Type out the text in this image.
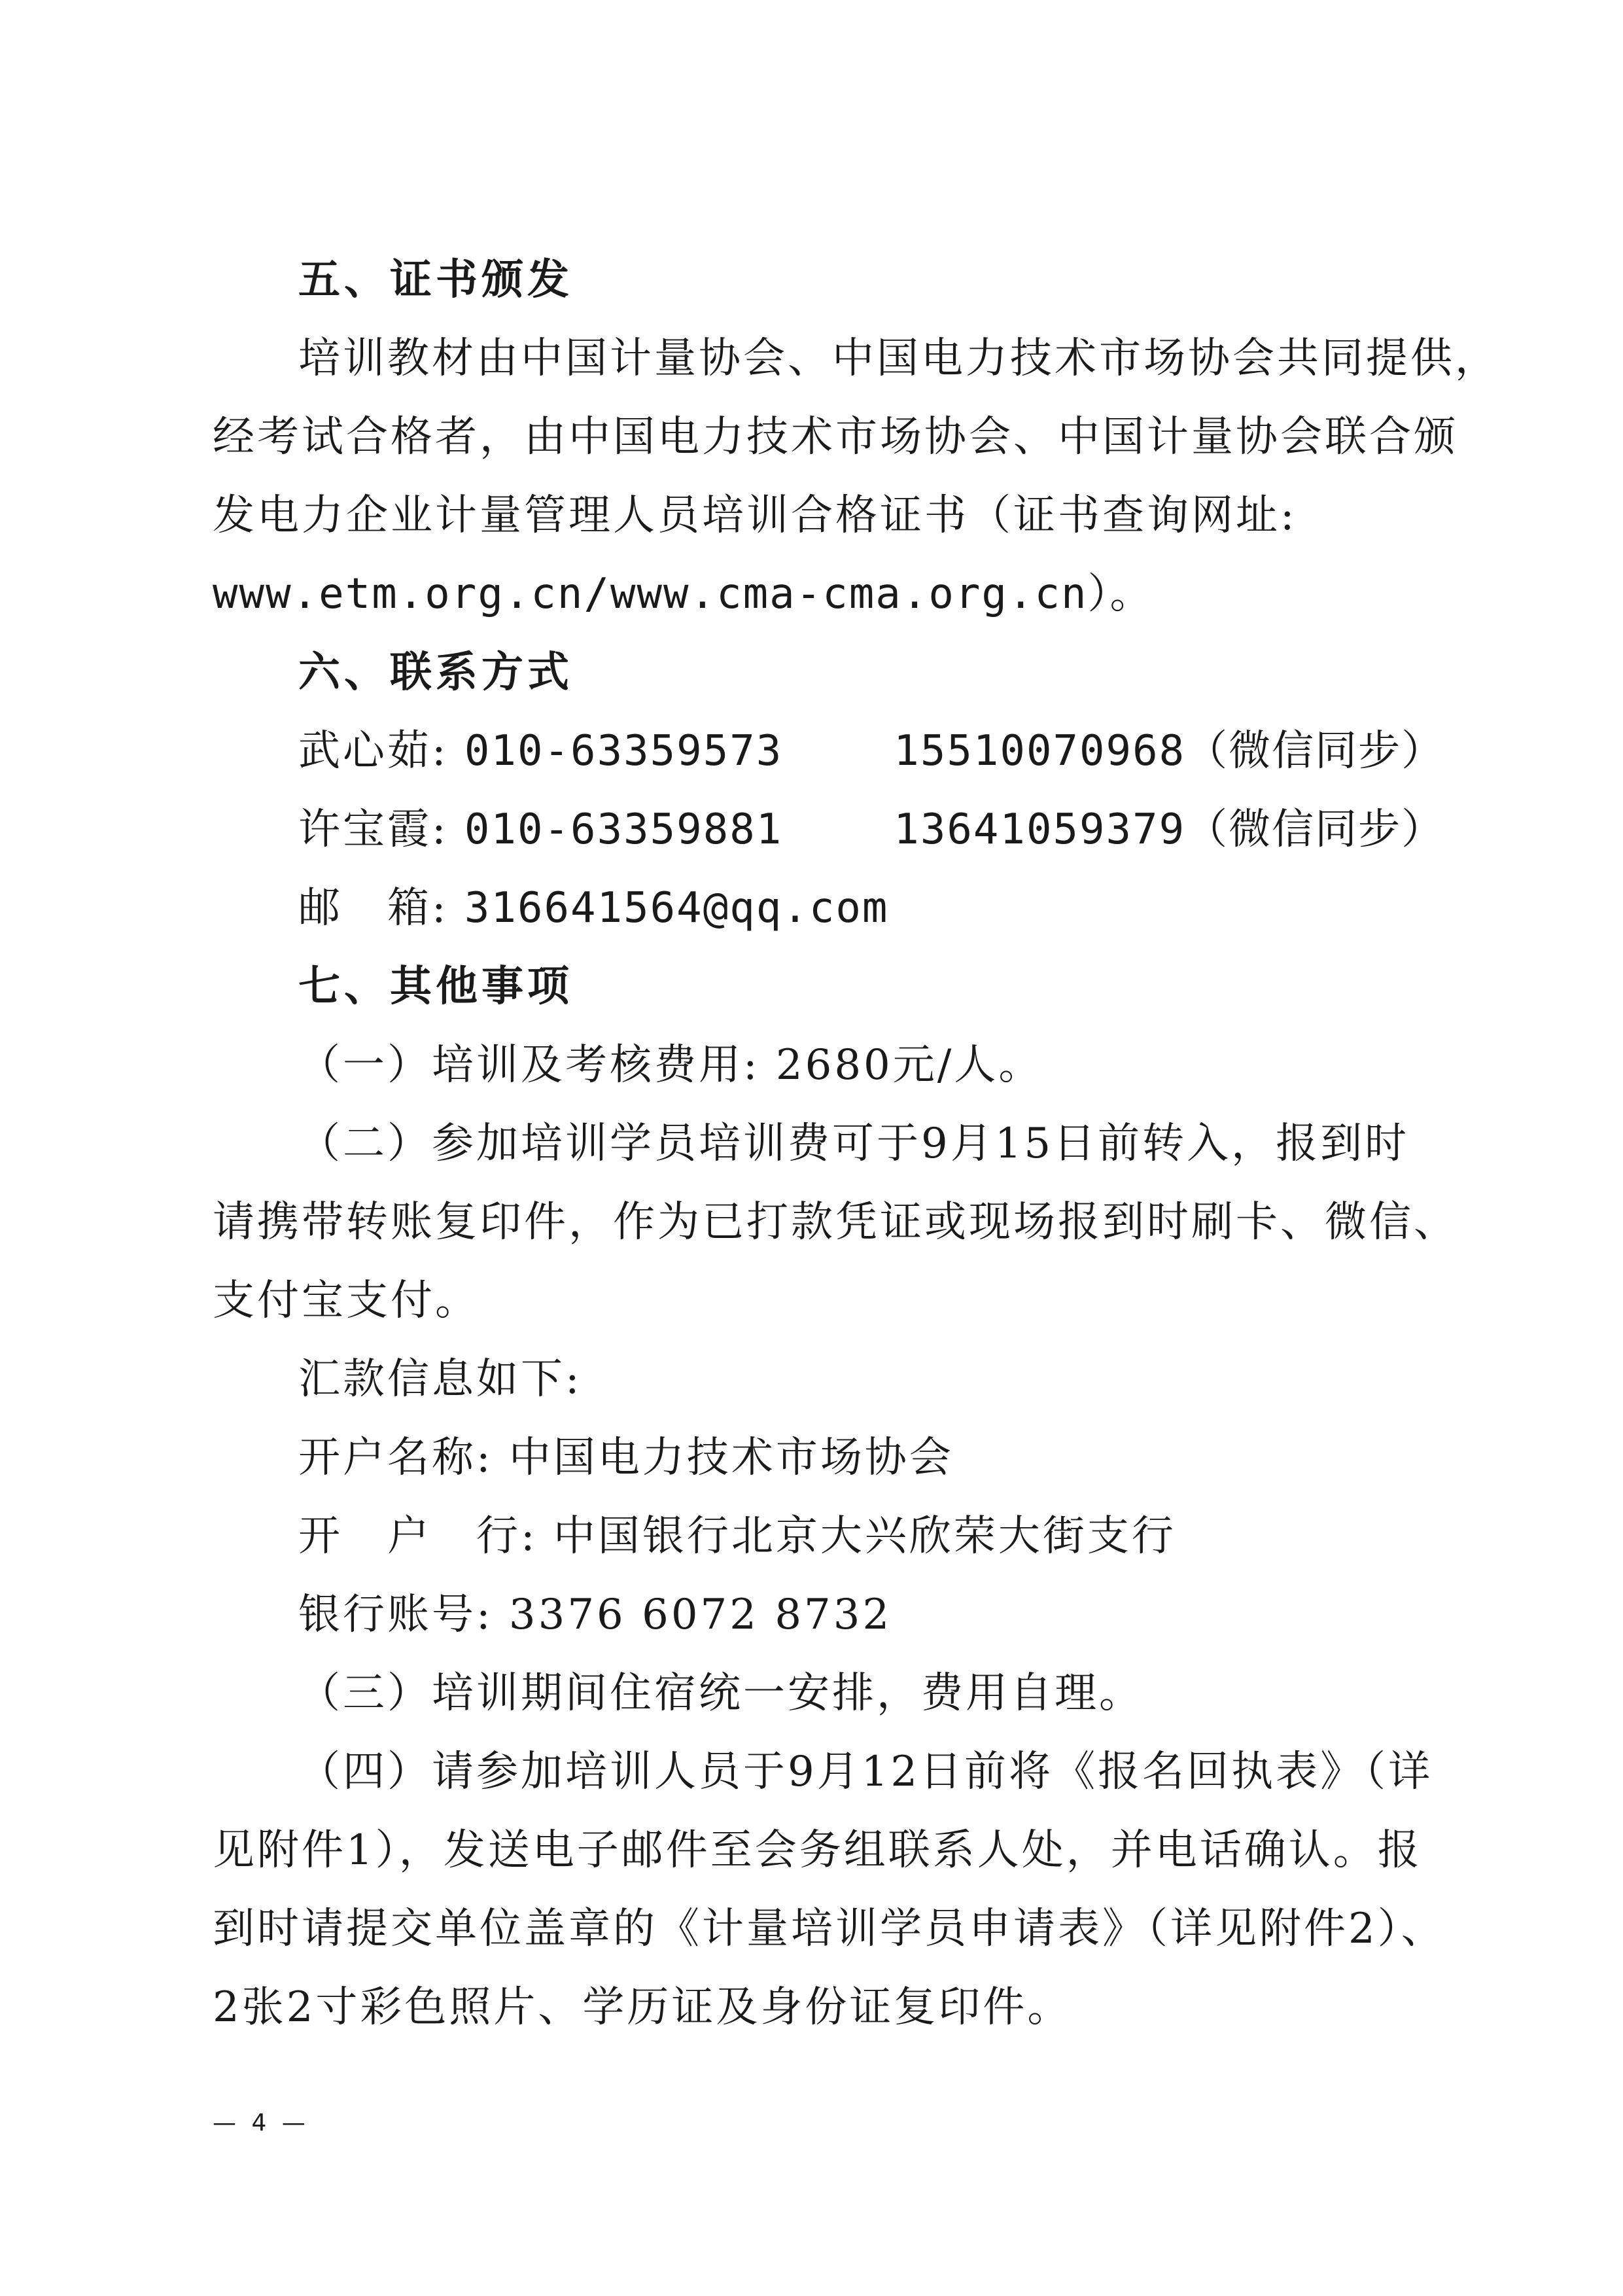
五、证书颁发
培训教材由中国计量协会、中国电力技术市场协会共同提供，
经考试合格者，由中国电力技术市场协会、中国计量协会联合颁
发电力企业计量管理人员培训合格证书（证书查询网址:
www.etm.org.cn/www.cma-cma.org.cn）。
六、联系方式
武心茹: 010-63359573	15510070968（微信同步）
许宝霞: 010-63359881	13641059379（微信同步）
邮　箱: 316641564@qq.com
七、其他事项
（一）培训及考核费用: 2680元/人。
（二）参加培训学员培训费可于9月15日前转入，报到时
请携带转账复印件，作为已打款凭证或现场报到时刷卡、微信、
支付宝支付。
汇款信息如下:
开户名称: 中国电力技术市场协会
开　户　行: 中国银行北京大兴欣荣大街支行
银行账号: 3376 6072 8732
（三）培训期间住宿统一安排，费用自理。
（四）请参加培训人员于9月12日前将《报名回执表》（详
见附件1），发送电子邮件至会务组联系人处，并电话确认。报
到时请提交单位盖章的《计量培训学员申请表》（详见附件2）、
2张2寸彩色照片、学历证及身份证复印件。
— 4 —
